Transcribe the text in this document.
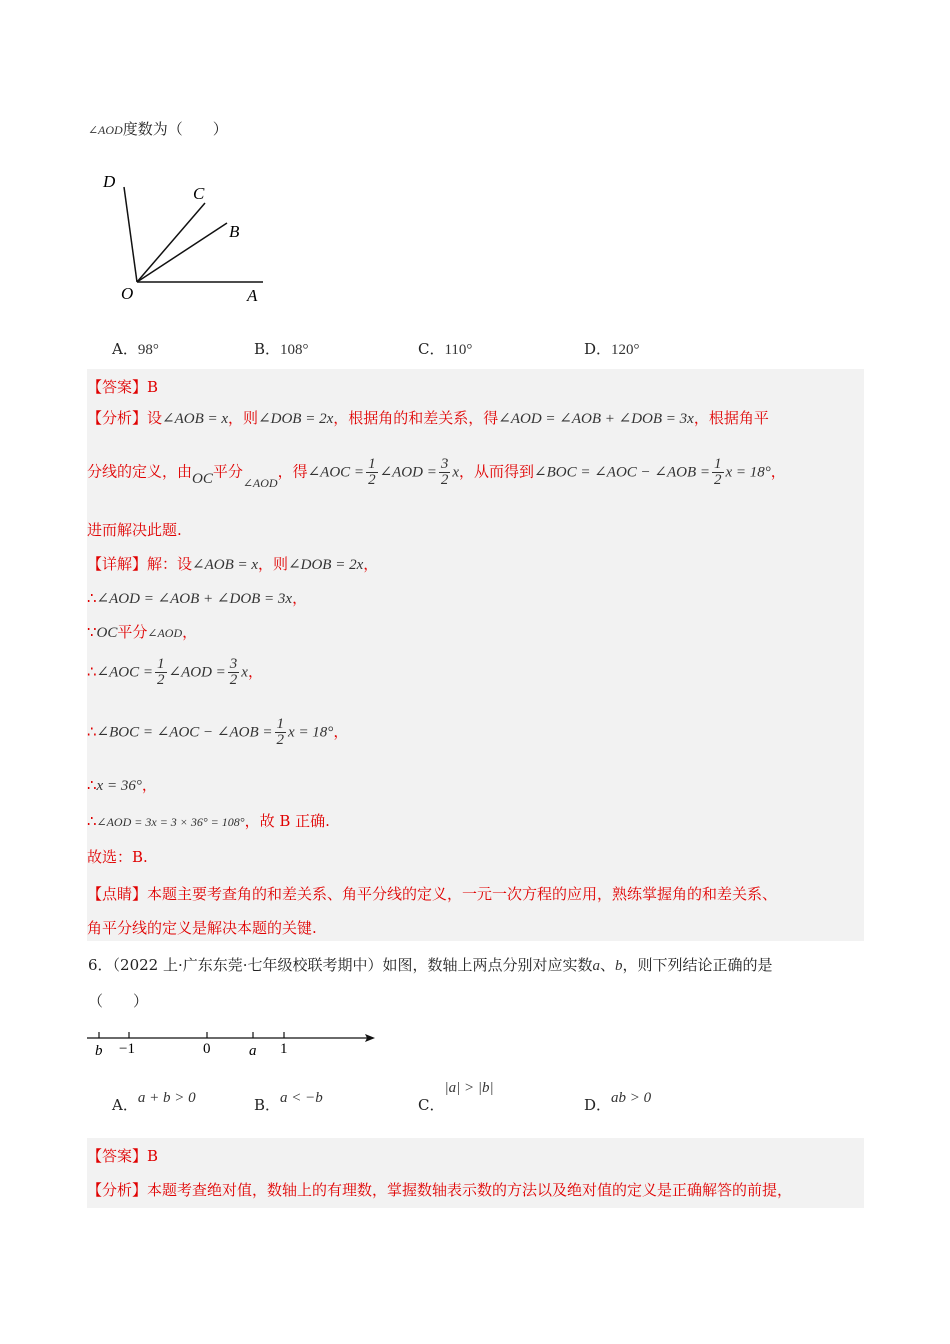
∠AOD度数为（　　）
D
C
B
O	A
A．98°	B．108°	C．110°	D．120°
【答案】B
【分析】设∠AOB = x，则∠DOB = 2x，根据角的和差关系，得∠AOD = ∠AOB + ∠DOB = 3x，根据角平
分线的定义，由OC平分$_{\angle AOD}$，得∠AOC = $\frac{1}{2}$ ∠AOD = $\frac{3}{2}$ x，从而得到∠BOC = ∠AOC − ∠AOB = $\frac{1}{2}$ x = 18°，
进而解决此题.
【详解】解：设∠AOB = x，则∠DOB = 2x，
∴∠AOD = ∠AOB + ∠DOB = 3x，
∵OC平分∠AOD，
∴∠AOC = $\frac{1}{2}$ ∠AOD = $\frac{3}{2}$ x，
∴∠BOC = ∠AOC − ∠AOB = $\frac{1}{2}$ x = 18°，
∴x = 36°，
∴∠AOD = 3x = 3 × 36° = 108°，故 B 正确.
故选：B.
【点睛】本题主要考查角的和差关系、角平分线的定义，一元一次方程的应用，熟练掌握角的和差关系、
角平分线的定义是解决本题的关键.
6．（2022 上·广东东莞·七年级校联考期中）如图，数轴上两点分别对应实数a、b，则下列结论正确的是
（　　）
b −1	0	a 1
A．a + b > 0	B．a < −b	C．|a| > |b|
D．ab > 0
【答案】B
【分析】本题考查绝对值，数轴上的有理数，掌握数轴表示数的方法以及绝对值的定义是正确解答的前提，
